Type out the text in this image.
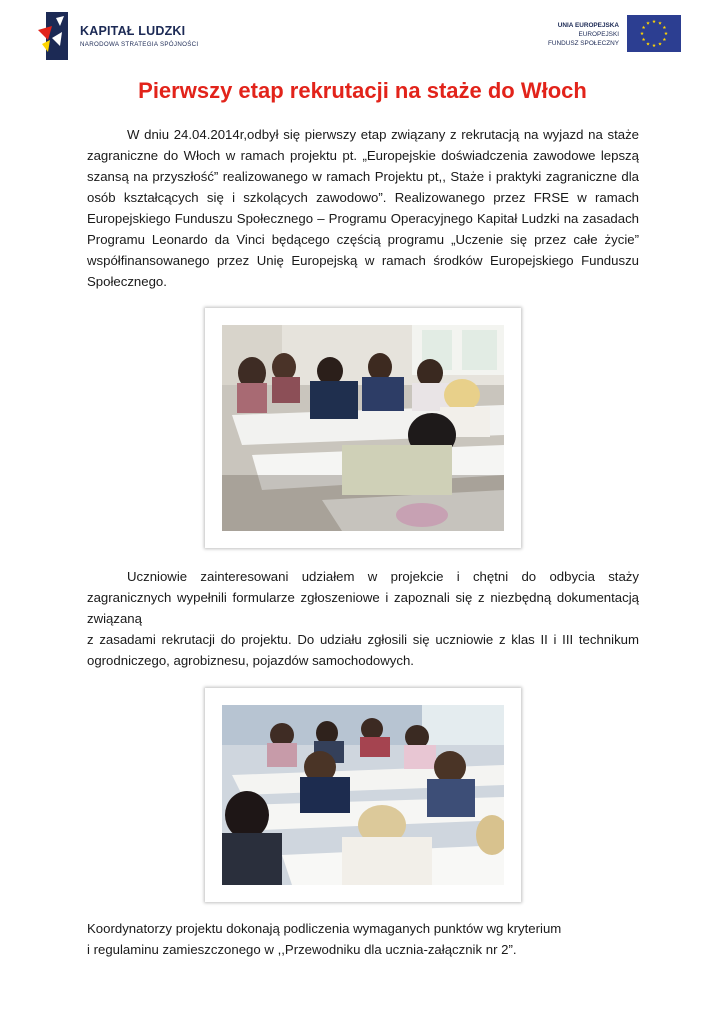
KAPITAŁ LUDZKI
NARODOWA STRATEGIA SPÓJNOŚCI
UNIA EUROPEJSKA
EUROPEJSKI
FUNDUSZ SPOŁECZNY
Pierwszy etap rekrutacji na staże do Włoch

W dniu 24.04.2014r,odbył się pierwszy etap związany z rekrutacją na wyjazd na staże zagraniczne do Włoch w ramach projektu pt. „Europejskie doświadczenia zawodowe lepszą szansą na przyszłość” realizowanego w ramach Projektu pt,, Staże i praktyki zagraniczne dla osób kształcących się i szkolących zawodowo”. Realizowanego przez FRSE w ramach Europejskiego Funduszu Społecznego – Programu Operacyjnego Kapitał Ludzki na zasadach Programu Leonardo da Vinci będącego częścią programu „Uczenie się przez całe życie” współfinansowanego przez Unię Europejską w ramach środków Europejskiego Funduszu Społecznego.

Uczniowie zainteresowani udziałem w projekcie i chętni do odbycia staży zagranicznych wypełnili formularze zgłoszeniowe i zapoznali się z niezbędną dokumentacją związaną
z zasadami rekrutacji do projektu. Do udziału zgłosili się uczniowie z klas II i III technikum ogrodniczego, agrobiznesu, pojazdów samochodowych.

Koordynatorzy projektu dokonają podliczenia wymaganych punktów wg kryterium
i regulaminu zamieszczonego w ,,Przewodniku dla ucznia-załącznik nr 2”.
